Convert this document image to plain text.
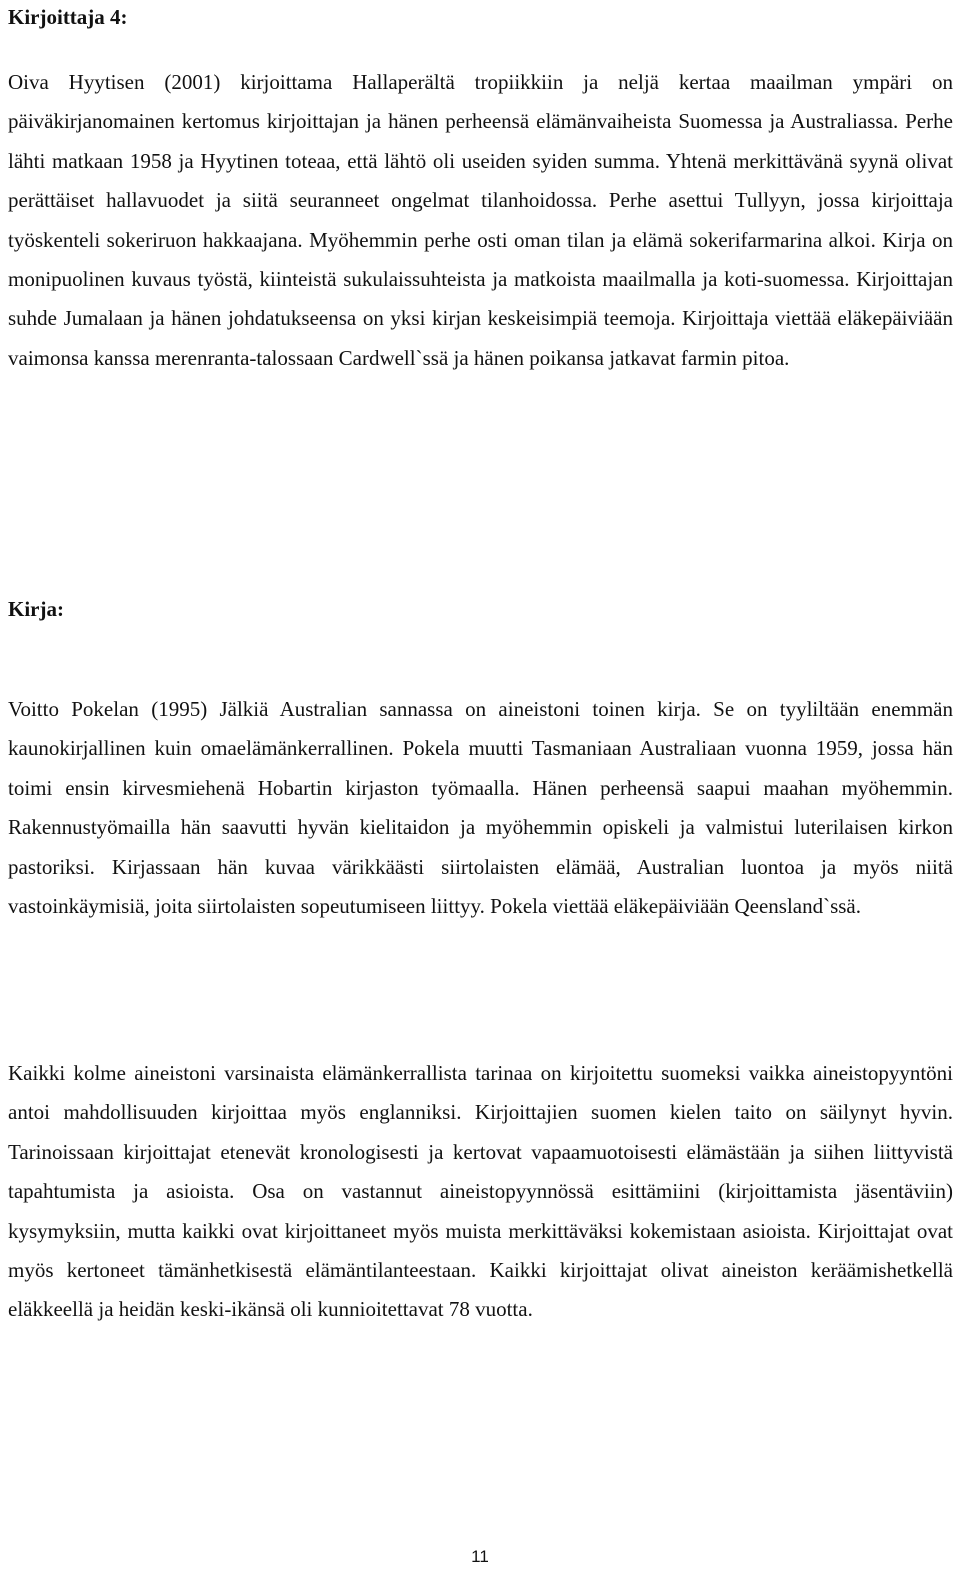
Kirjoittaja 4:

Oiva Hyytisen (2001) kirjoittama Hallaperältä tropiikkiin ja neljä kertaa maailman ympäri on päiväkirjanomainen kertomus kirjoittajan ja hänen perheensä elämänvaiheista Suomessa ja Australiassa. Perhe lähti matkaan 1958 ja Hyytinen toteaa, että lähtö oli useiden syiden summa. Yhtenä merkittävänä syynä olivat perättäiset hallavuodet ja siitä seuranneet ongelmat tilanhoidossa. Perhe asettui Tullyyn, jossa kirjoittaja työskenteli sokeriruon hakkaajana. Myöhemmin perhe osti oman tilan ja elämä sokerifarmarina alkoi. Kirja on monipuolinen kuvaus työstä, kiinteistä sukulaissuhteista ja matkoista maailmalla ja koti-suomessa. Kirjoittajan suhde Jumalaan ja hänen johdatukseensa on yksi kirjan keskeisimpiä teemoja. Kirjoittaja viettää eläkepäiviään vaimonsa kanssa merenranta-talossaan Cardwell`ssä ja hänen poikansa jatkavat farmin pitoa.

Kirja:

Voitto Pokelan (1995) Jälkiä Australian sannassa on aineistoni toinen kirja. Se on tyyliltään enemmän kaunokirjallinen kuin omaelämänkerrallinen. Pokela muutti Tasmaniaan Australiaan vuonna 1959, jossa hän toimi ensin kirvesmiehenä Hobartin kirjaston työmaalla. Hänen perheensä saapui maahan myöhemmin. Rakennustyömailla hän saavutti hyvän kielitaidon ja myöhemmin opiskeli ja valmistui luterilaisen kirkon pastoriksi. Kirjassaan hän kuvaa värikkäästi siirtolaisten elämää, Australian luontoa ja myös niitä vastoinkäymisiä, joita siirtolaisten sopeutumiseen liittyy. Pokela viettää eläkepäiviään Qeensland`ssä.

Kaikki kolme aineistoni varsinaista elämänkerrallista tarinaa on kirjoitettu suomeksi vaikka aineistopyyntöni antoi mahdollisuuden kirjoittaa myös englanniksi. Kirjoittajien suomen kielen taito on säilynyt hyvin. Tarinoissaan kirjoittajat etenevät kronologisesti ja kertovat vapaamuotoisesti elämästään ja siihen liittyvistä tapahtumista ja asioista. Osa on vastannut aineistopyynnössä esittämiini (kirjoittamista jäsentäviin) kysymyksiin, mutta kaikki ovat kirjoittaneet myös muista merkittäväksi kokemistaan asioista. Kirjoittajat ovat myös kertoneet tämänhetkisestä elämäntilanteestaan. Kaikki kirjoittajat olivat aineiston keräämishetkellä eläkkeellä ja heidän keski-ikänsä oli kunnioitettavat 78 vuotta.

11
